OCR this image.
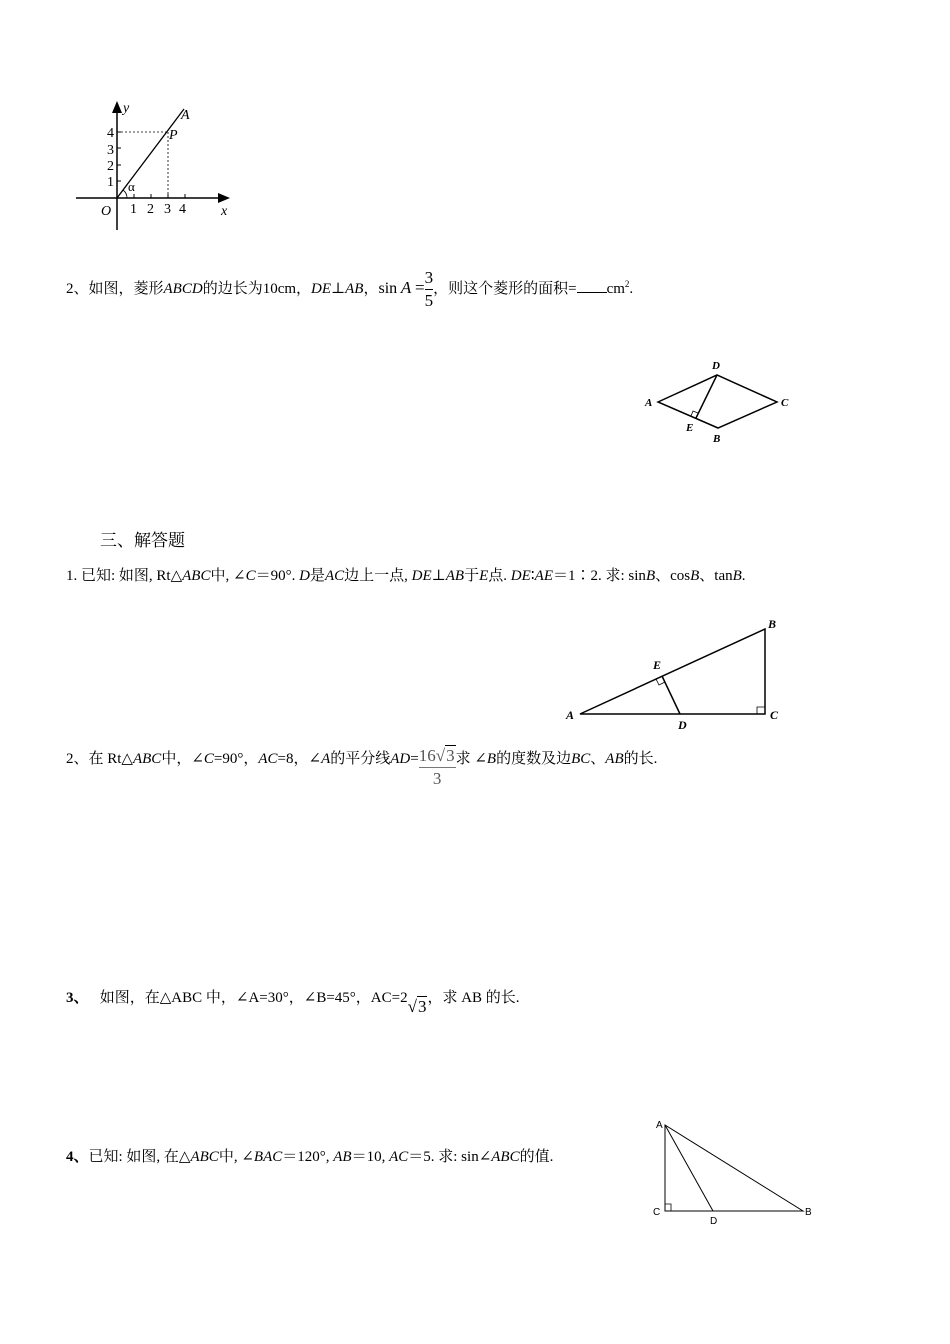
y
x
O
A
P
α
1
2
3
4
1 2 3 4
2、如图，菱形ABCD的边长为10cm，DE⊥AB，$\sin A = \frac{3}{5}$ ，则这个菱形的面积= $cm^2$.
A
D
C
B
E
三、解答题
1. 已知: 如图, Rt△ABC中, ∠C＝90°. D是AC边上一点, DE⊥AB于E点. DE∶AE＝1∶2. 求: sinB、cosB、tanB.
A
B
C
D
E
2、在 Rt△ABC中，∠C=90°，AC=8，∠A的平分线$AD= \frac{16√3}{3}$ 求 ∠B的度数及边BC、AB的长.
3、 如图，在△ABC 中，∠A=30°，∠B=45°，AC=2√3，求 AB 的长.
4、已知: 如图, 在△ABC中, ∠BAC＝120°, AB＝10, AC＝5. 求: sin∠ABC的值.
A
C
D
B
